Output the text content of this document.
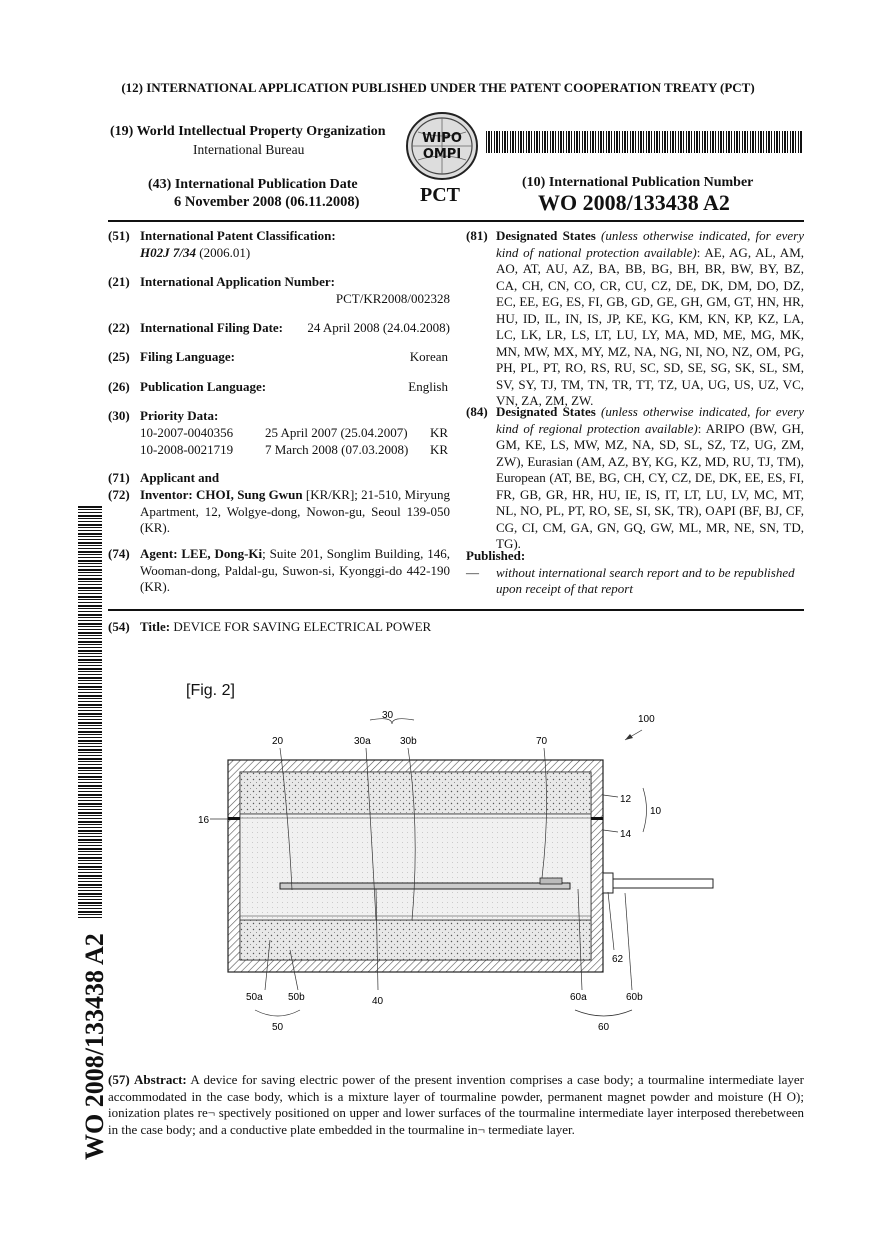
(12) INTERNATIONAL APPLICATION PUBLISHED UNDER THE PATENT COOPERATION TREATY (PCT)
(19) World Intellectual Property Organization
International Bureau
WIPO
OMPI
PCT
(43) International Publication Date
6 November 2008 (06.11.2008)
(10) International Publication Number
WO 2008/133438 A2
(51) International Patent Classification:
H02J 7/34 (2006.01)
(21) International Application Number:
PCT/KR2008/002328
(22) International Filing Date: 24 April 2008 (24.04.2008)
(25) Filing Language:	Korean
(26) Publication Language:	English
(30) Priority Data:
10-2007-0040356 25 April 2007 (25.04.2007) KR
10-2008-0021719 7 March 2008 (07.03.2008) KR
(71) Applicant and
(72) Inventor: CHOI, Sung Gwun [KR/KR]; 21-510, Miryung Apartment, 12, Wolgye-dong, Nowon-gu, Seoul 139-050 (KR).
(74) Agent: LEE, Dong-Ki; Suite 201, Songlim Building, 146, Wooman-dong, Paldal-gu, Suwon-si, Kyonggi-do 442-190 (KR).
(81) Designated States (unless otherwise indicated, for every kind of national protection available): AE, AG, AL, AM, AO, AT, AU, AZ, BA, BB, BG, BH, BR, BW, BY, BZ, CA, CH, CN, CO, CR, CU, CZ, DE, DK, DM, DO, DZ, EC, EE, EG, ES, FI, GB, GD, GE, GH, GM, GT, HN, HR, HU, ID, IL, IN, IS, JP, KE, KG, KM, KN, KP, KZ, LA, LC, LK, LR, LS, LT, LU, LY, MA, MD, ME, MG, MK, MN, MW, MX, MY, MZ, NA, NG, NI, NO, NZ, OM, PG, PH, PL, PT, RO, RS, RU, SC, SD, SE, SG, SK, SL, SM, SV, SY, TJ, TM, TN, TR, TT, TZ, UA, UG, US, UZ, VC, VN, ZA, ZM, ZW.
(84) Designated States (unless otherwise indicated, for every kind of regional protection available): ARIPO (BW, GH, GM, KE, LS, MW, MZ, NA, SD, SL, SZ, TZ, UG, ZM, ZW), Eurasian (AM, AZ, BY, KG, KZ, MD, RU, TJ, TM), European (AT, BE, BG, CH, CY, CZ, DE, DK, EE, ES, FI, FR, GB, GR, HR, HU, IE, IS, IT, LT, LU, LV, MC, MT, NL, NO, PL, PT, RO, SE, SI, SK, TR), OAPI (BF, BJ, CF, CG, CI, CM, GA, GN, GQ, GW, ML, MR, NE, SN, TD, TG).
Published:
— without international search report and to be republished upon receipt of that report
(54) Title: DEVICE FOR SAVING ELECTRICAL POWER
[Fig. 2]
100
30
20	30a	30b	70
16
12
14
10
62
50a	50b	40	60a	60b
50	60
(57) Abstract: A device for saving electric power of the present invention comprises a case body; a tourmaline intermediate layer accommodated in the case body, which is a mixture layer of tourmaline powder, permanent magnet powder and moisture (H O); ionization plates re¬ spectively positioned on upper and lower surfaces of the tourmaline intermediate layer interposed therebetween in the case body; and a conductive plate embedded in the tourmaline in¬ termediate layer.
WO 2008/133438 A2
